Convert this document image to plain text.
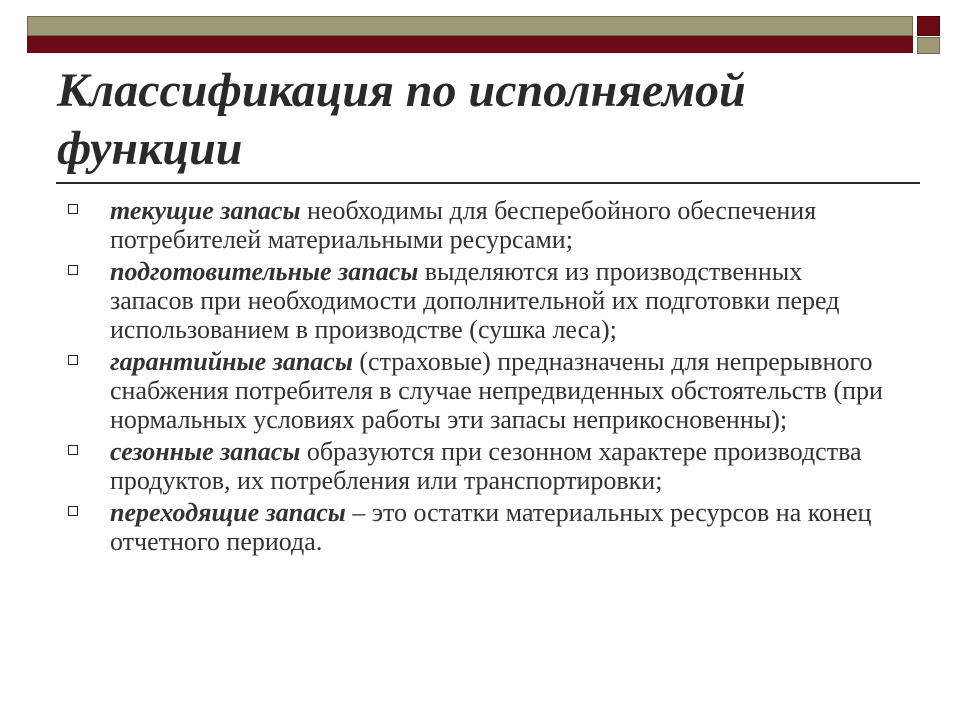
Классификация по исполняемой функции
текущие запасы необходимы для бесперебойного обеспечения потребителей материальными ресурсами;
подготовительные запасы выделяются из производственных запасов при необходимости дополнительной их подготовки перед использованием в производстве (сушка леса);
гарантийные запасы (страховые) предназначены для непрерывного снабжения потребителя в случае непредвиденных обстоятельств (при нормальных условиях работы эти запасы неприкосновенны);
сезонные запасы образуются при сезонном характере производства продуктов, их потребления или транспортировки;
переходящие запасы – это остатки материальных ресурсов на конец отчетного периода.
